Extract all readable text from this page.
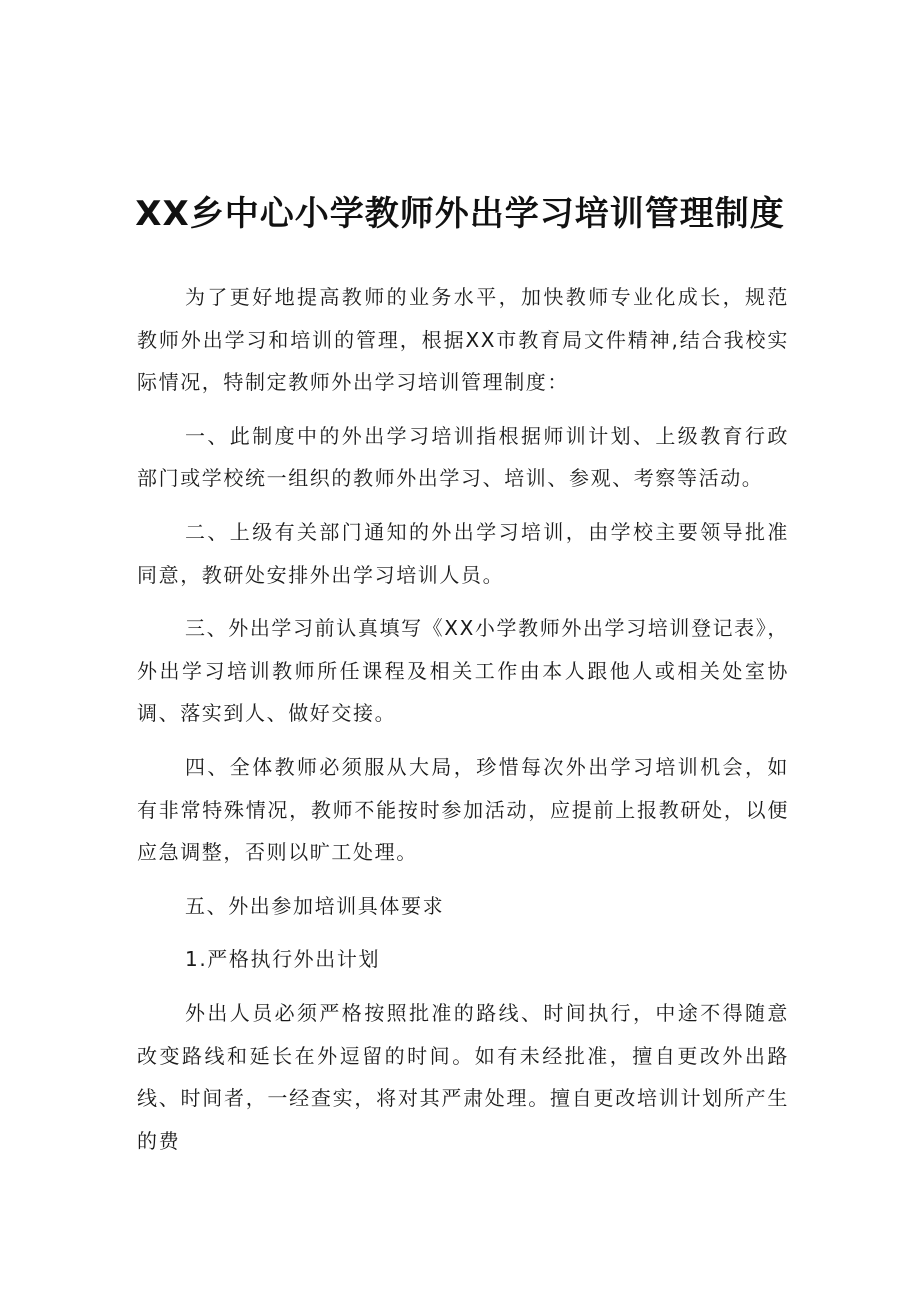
XX乡中心小学教师外出学习培训管理制度

为了更好地提高教师的业务水平，加快教师专业化成长，规范教师外出学习和培训的管理，根据XX市教育局文件精神,结合我校实际情况，特制定教师外出学习培训管理制度：

一、此制度中的外出学习培训指根据师训计划、上级教育行政部门或学校统一组织的教师外出学习、培训、参观、考察等活动。

二、上级有关部门通知的外出学习培训，由学校主要领导批准同意，教研处安排外出学习培训人员。

三、外出学习前认真填写《XX小学教师外出学习培训登记表》，外出学习培训教师所任课程及相关工作由本人跟他人或相关处室协调、落实到人、做好交接。

四、全体教师必须服从大局，珍惜每次外出学习培训机会，如有非常特殊情况，教师不能按时参加活动，应提前上报教研处，以便应急调整，否则以旷工处理。

五、外出参加培训具体要求

1.严格执行外出计划

外出人员必须严格按照批准的路线、时间执行，中途不得随意改变路线和延长在外逗留的时间。如有未经批准，擅自更改外出路线、时间者，一经查实，将对其严肃处理。擅自更改培训计划所产生的费
